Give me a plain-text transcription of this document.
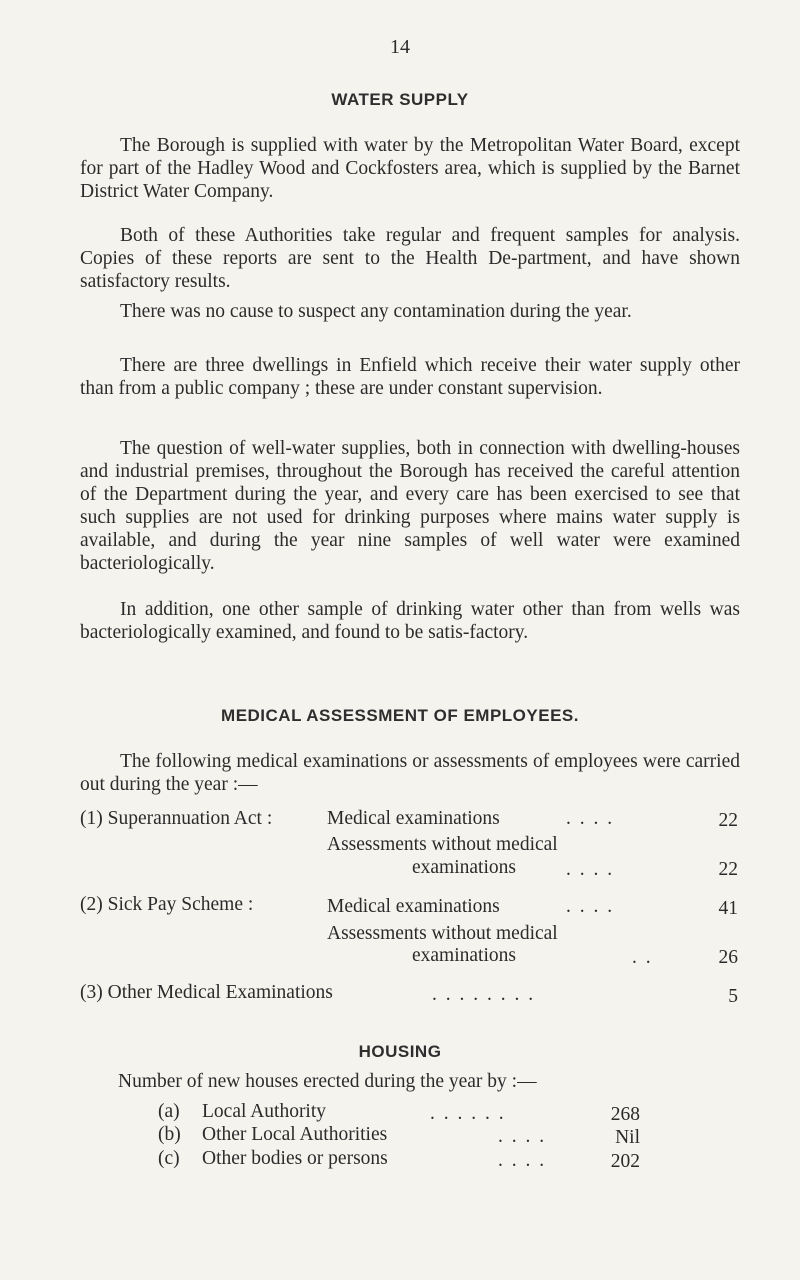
14
WATER SUPPLY

The Borough is supplied with water by the Metropolitan Water Board, except for part of the Hadley Wood and Cockfosters area, which is supplied by the Barnet District Water Company.

Both of these Authorities take regular and frequent samples for analysis. Copies of these reports are sent to the Health De-partment, and have shown satisfactory results.

There was no cause to suspect any contamination during the year.

There are three dwellings in Enfield which receive their water supply other than from a public company ; these are under constant supervision.

The question of well-water supplies, both in connection with dwelling-houses and industrial premises, throughout the Borough has received the careful attention of the Department during the year, and every care has been exercised to see that such supplies are not used for drinking purposes where mains water supply is available, and during the year nine samples of well water were examined bacteriologically.

In addition, one other sample of drinking water other than from wells was bacteriologically examined, and found to be satis-factory.

MEDICAL ASSESSMENT OF EMPLOYEES.

The following medical examinations or assessments of employees were carried out during the year :—

(1) Superannuation Act :	Medical examinations	. . . .	22
Assessments without medical
examinations	. . . .	22
(2) Sick Pay Scheme :	Medical examinations	. . . .	41
Assessments without medical
examinations	. .	26
(3) Other Medical Examinations	. . . . . . . .	5
HOUSING
Number of new houses erected during the year by :—
(a) Local Authority	. . . . . .	268
(b) Other Local Authorities	. . . .	Nil
(c) Other bodies or persons	. . . .	202
